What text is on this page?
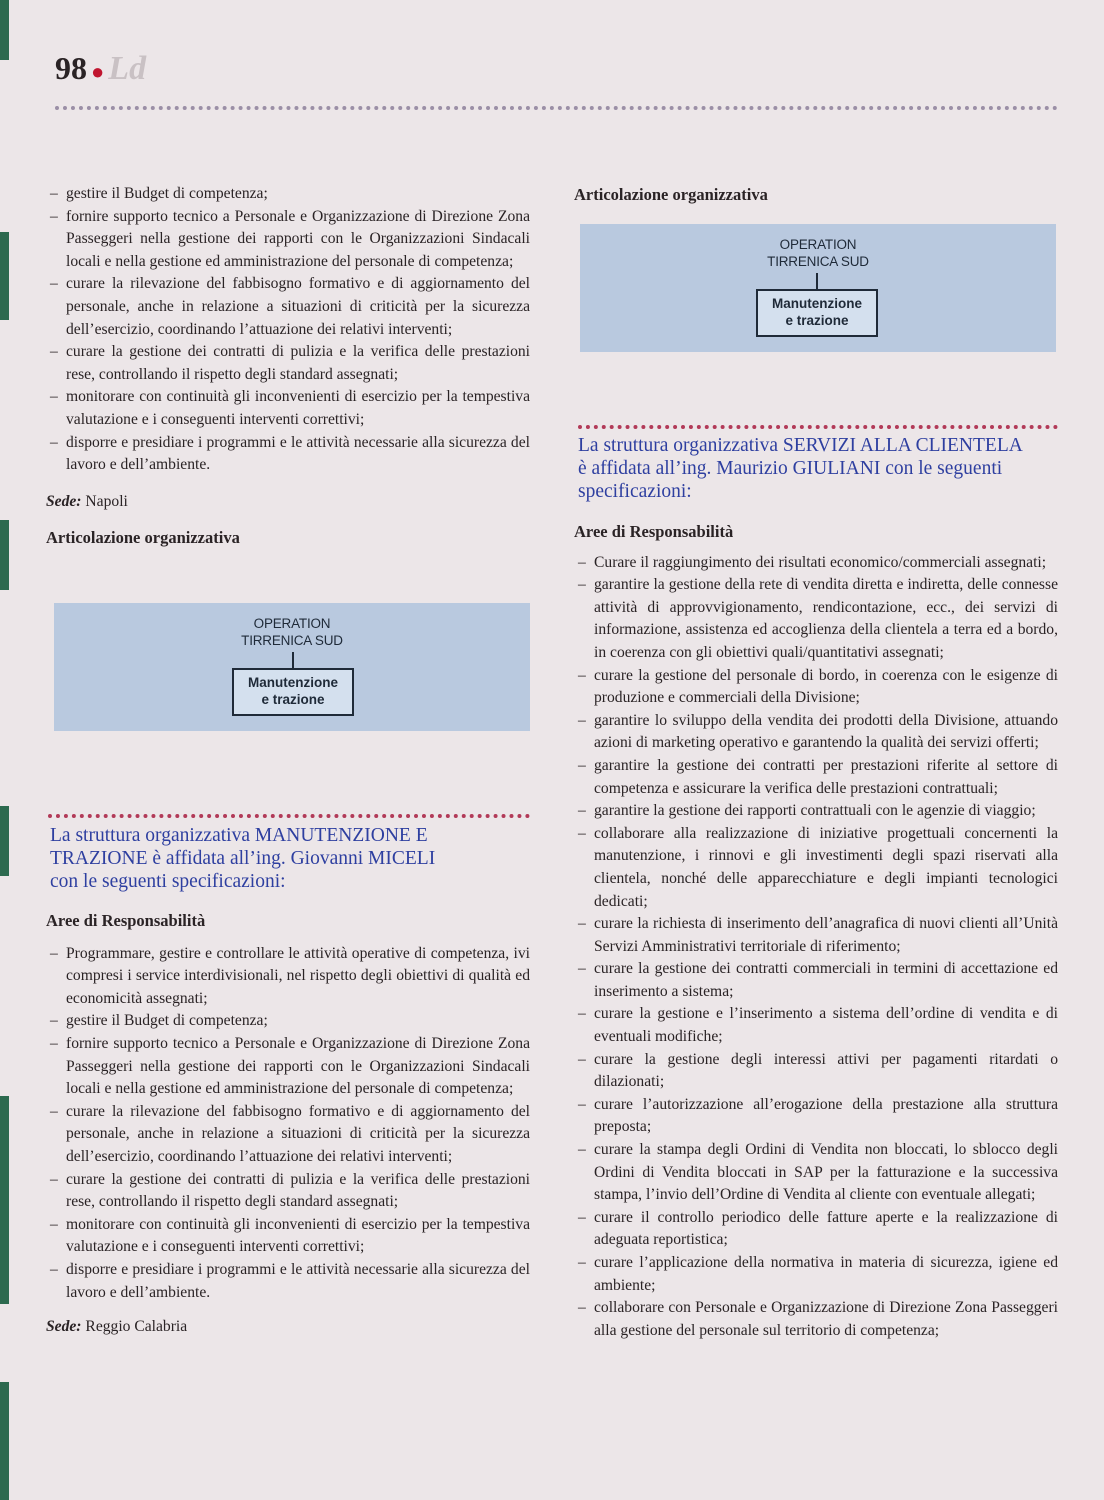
98 ● Ld
– gestire il Budget di competenza;
– fornire supporto tecnico a Personale e Organizzazione di Direzione Zona Passeggeri nella gestione dei rapporti con le Organizzazioni Sindacali locali e nella gestione ed amministrazione del personale di competenza;
– curare la rilevazione del fabbisogno formativo e di aggiornamento del personale, anche in relazione a situazioni di criticità per la sicurezza dell’esercizio, coordinando l’attuazione dei relativi interventi;
– curare la gestione dei contratti di pulizia e la verifica delle prestazioni rese, controllando il rispetto degli standard assegnati;
– monitorare con continuità gli inconvenienti di esercizio per la tempestiva valutazione e i conseguenti interventi correttivi;
– disporre e presidiare i programmi e le attività necessarie alla sicurezza del lavoro e dell’ambiente.
Sede: Napoli

Articolazione organizzativa

OPERATION
TIRRENICA SUD
Manutenzione
e trazione
La struttura organizzativa MANUTENZIONE E
TRAZIONE è affidata all’ing. Giovanni MICELI
con le seguenti specificazioni:

Aree di Responsabilità

– Programmare, gestire e controllare le attività operative di competenza, ivi compresi i service interdivisionali, nel rispetto degli obiettivi di qualità ed economicità assegnati;
– gestire il Budget di competenza;
– fornire supporto tecnico a Personale e Organizzazione di Direzione Zona Passeggeri nella gestione dei rapporti con le Organizzazioni Sindacali locali e nella gestione ed amministrazione del personale di competenza;
– curare la rilevazione del fabbisogno formativo e di aggiornamento del personale, anche in relazione a situazioni di criticità per la sicurezza dell’esercizio, coordinando l’attuazione dei relativi interventi;
– curare la gestione dei contratti di pulizia e la verifica delle prestazioni rese, controllando il rispetto degli standard assegnati;
– monitorare con continuità gli inconvenienti di esercizio per la tempestiva valutazione e i conseguenti interventi correttivi;
– disporre e presidiare i programmi e le attività necessarie alla sicurezza del lavoro e dell’ambiente.
Sede: Reggio Calabria

Articolazione organizzativa

OPERATION
TIRRENICA SUD
Manutenzione
e trazione
La struttura organizzativa SERVIZI ALLA CLIENTELA
è affidata all’ing. Maurizio GIULIANI con le seguenti
specificazioni:

Aree di Responsabilità

– Curare il raggiungimento dei risultati economico/commerciali assegnati;
– garantire la gestione della rete di vendita diretta e indiretta, delle connesse attività di approvvigionamento, rendicontazione, ecc., dei servizi di informazione, assistenza ed accoglienza della clientela a terra ed a bordo, in coerenza con gli obiettivi quali/quantitativi assegnati;
– curare la gestione del personale di bordo, in coerenza con le esigenze di produzione e commerciali della Divisione;
– garantire lo sviluppo della vendita dei prodotti della Divisione, attuando azioni di marketing operativo e garantendo la qualità dei servizi offerti;
– garantire la gestione dei contratti per prestazioni riferite al settore di competenza e assicurare la verifica delle prestazioni contrattuali;
– garantire la gestione dei rapporti contrattuali con le agenzie di viaggio;
– collaborare alla realizzazione di iniziative progettuali concernenti la manutenzione, i rinnovi e gli investimenti degli spazi riservati alla clientela, nonché delle apparecchiature e degli impianti tecnologici dedicati;
– curare la richiesta di inserimento dell’anagrafica di nuovi clienti all’Unità Servizi Amministrativi territoriale di riferimento;
– curare la gestione dei contratti commerciali in termini di accettazione ed inserimento a sistema;
– curare la gestione e l’inserimento a sistema dell’ordine di vendita e di eventuali modifiche;
– curare la gestione degli interessi attivi per pagamenti ritardati o dilazionati;
– curare l’autorizzazione all’erogazione della prestazione alla struttura preposta;
– curare la stampa degli Ordini di Vendita non bloccati, lo sblocco degli Ordini di Vendita bloccati in SAP per la fatturazione e la successiva stampa, l’invio dell’Ordine di Vendita al cliente con eventuale allegati;
– curare il controllo periodico delle fatture aperte e la realizzazione di adeguata reportistica;
– curare l’applicazione della normativa in materia di sicurezza, igiene ed ambiente;
– collaborare con Personale e Organizzazione di Direzione Zona Passeggeri alla gestione del personale sul territorio di competenza;
